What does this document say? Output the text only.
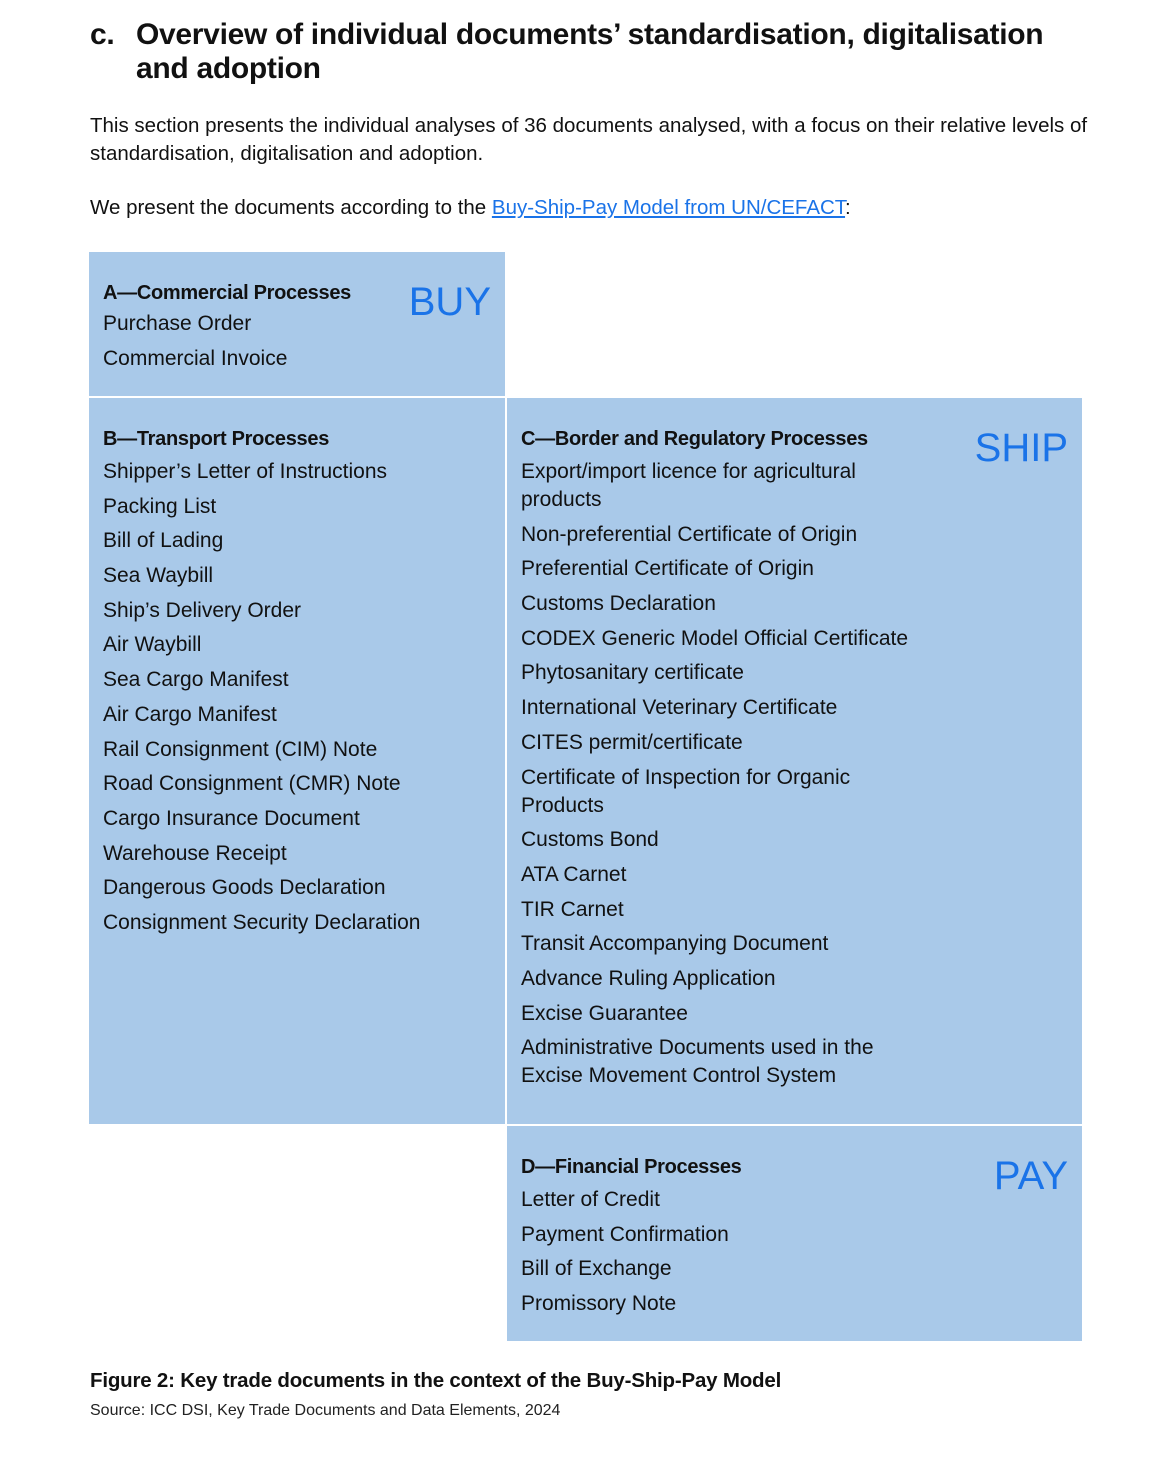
c. Overview of individual documents’ standardisation, digitalisation and adoption

This section presents the individual analyses of 36 documents analysed, with a focus on their relative levels of standardisation, digitalisation and adoption.

We present the documents according to the Buy-Ship-Pay Model from UN/CEFACT:

A—Commercial Processes	BUY
Purchase Order
Commercial Invoice
B—Transport Processes
Shipper’s Letter of Instructions
Packing List
Bill of Lading
Sea Waybill
Ship’s Delivery Order
Air Waybill
Sea Cargo Manifest
Air Cargo Manifest
Rail Consignment (CIM) Note
Road Consignment (CMR) Note
Cargo Insurance Document
Warehouse Receipt
Dangerous Goods Declaration
Consignment Security Declaration
C—Border and Regulatory Processes	SHIP
Export/import licence for agricultural products
Non-preferential Certificate of Origin
Preferential Certificate of Origin
Customs Declaration
CODEX Generic Model Official Certificate
Phytosanitary certificate
International Veterinary Certificate
CITES permit/certificate
Certificate of Inspection for Organic Products
Customs Bond
ATA Carnet
TIR Carnet
Transit Accompanying Document
Advance Ruling Application
Excise Guarantee
Administrative Documents used in the Excise Movement Control System
D—Financial Processes	PAY
Letter of Credit
Payment Confirmation
Bill of Exchange
Promissory Note
Figure 2: Key trade documents in the context of the Buy-Ship-Pay Model
Source: ICC DSI, Key Trade Documents and Data Elements, 2024
